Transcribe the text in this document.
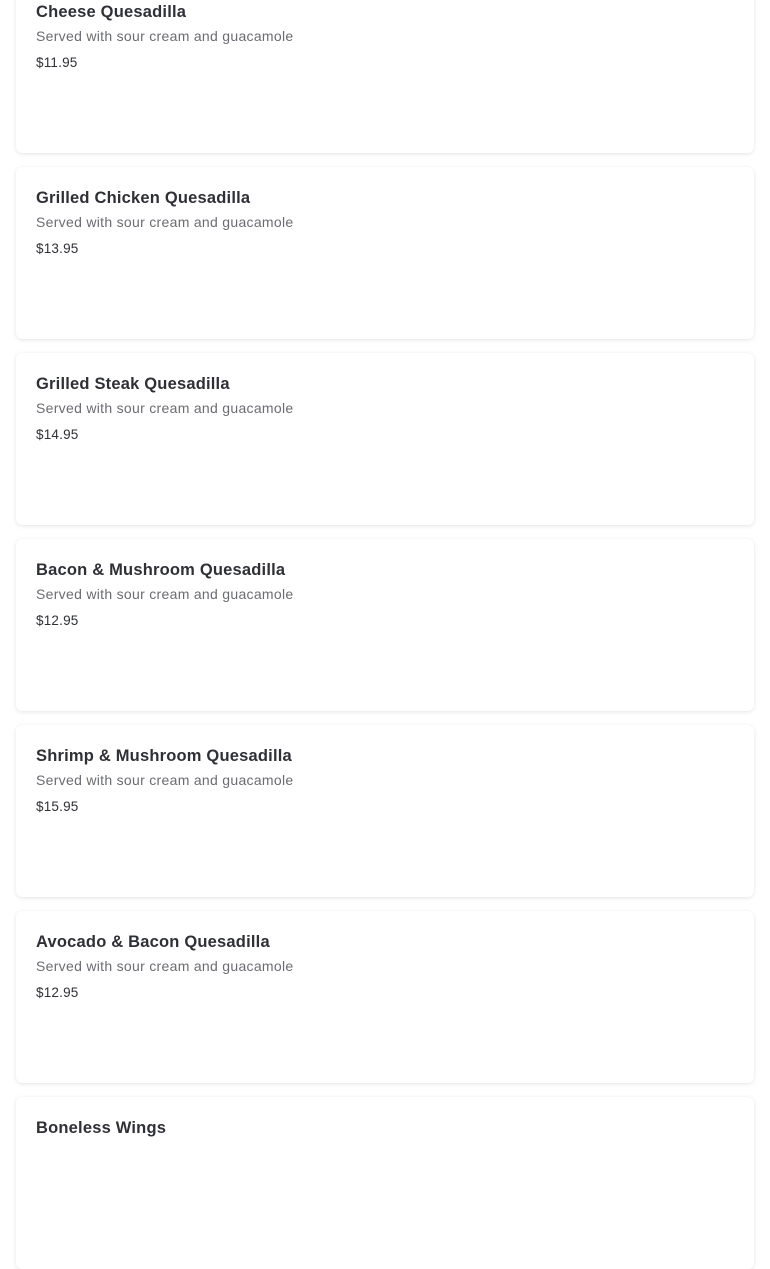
Cheese Quesadilla
Served with sour cream and guacamole
$11.95
Grilled Chicken Quesadilla
Served with sour cream and guacamole
$13.95
Grilled Steak Quesadilla
Served with sour cream and guacamole
$14.95
Bacon & Mushroom Quesadilla
Served with sour cream and guacamole
$12.95
Shrimp & Mushroom Quesadilla
Served with sour cream and guacamole
$15.95
Avocado & Bacon Quesadilla
Served with sour cream and guacamole
$12.95
Boneless Wings
